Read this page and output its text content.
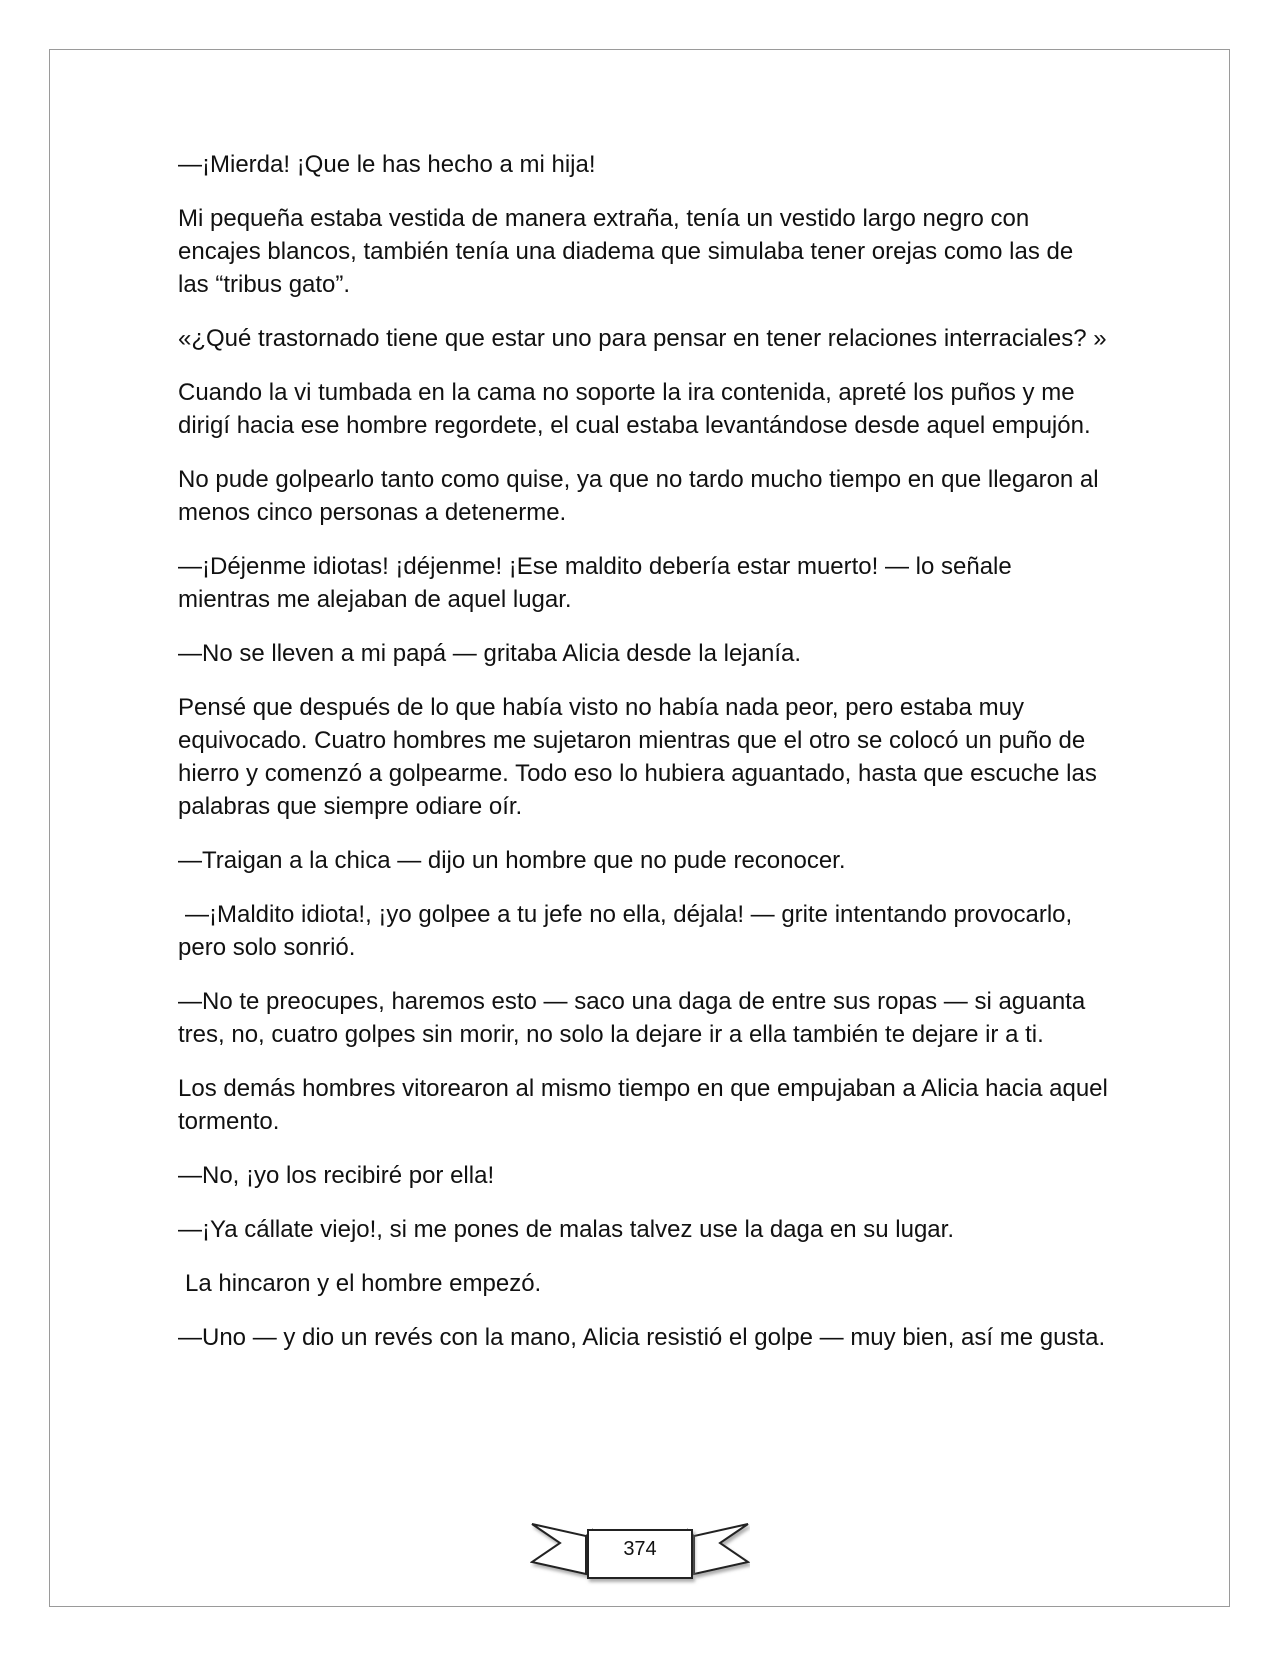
—¡Mierda! ¡Que le has hecho a mi hija!

Mi pequeña estaba vestida de manera extraña, tenía un vestido largo negro con encajes blancos, también tenía una diadema que simulaba tener orejas como las de las “tribus gato”.

«¿Qué trastornado tiene que estar uno para pensar en tener relaciones interraciales? »

Cuando la vi tumbada en la cama no soporte la ira contenida, apreté los puños y me dirigí hacia ese hombre regordete, el cual estaba levantándose desde aquel empujón.

No pude golpearlo tanto como quise, ya que no tardo mucho tiempo en que llegaron al menos cinco personas a detenerme.

—¡Déjenme idiotas! ¡déjenme! ¡Ese maldito debería estar muerto! — lo señale mientras me alejaban de aquel lugar.

—No se lleven a mi papá — gritaba Alicia desde la lejanía.

Pensé que después de lo que había visto no había nada peor, pero estaba muy equivocado. Cuatro hombres me sujetaron mientras que el otro se colocó un puño de hierro y comenzó a golpearme. Todo eso lo hubiera aguantado, hasta que escuche las palabras que siempre odiare oír.

—Traigan a la chica — dijo un hombre que no pude reconocer.

—¡Maldito idiota!, ¡yo golpee a tu jefe no ella, déjala! — grite intentando provocarlo, pero solo sonrió.

—No te preocupes, haremos esto — saco una daga de entre sus ropas — si aguanta tres, no, cuatro golpes sin morir, no solo la dejare ir a ella también te dejare ir a ti.

Los demás hombres vitorearon al mismo tiempo en que empujaban a Alicia hacia aquel tormento.

—No, ¡yo los recibiré por ella!

—¡Ya cállate viejo!, si me pones de malas talvez use la daga en su lugar.

La hincaron y el hombre empezó.

—Uno — y dio un revés con la mano, Alicia resistió el golpe — muy bien, así me gusta.

374
